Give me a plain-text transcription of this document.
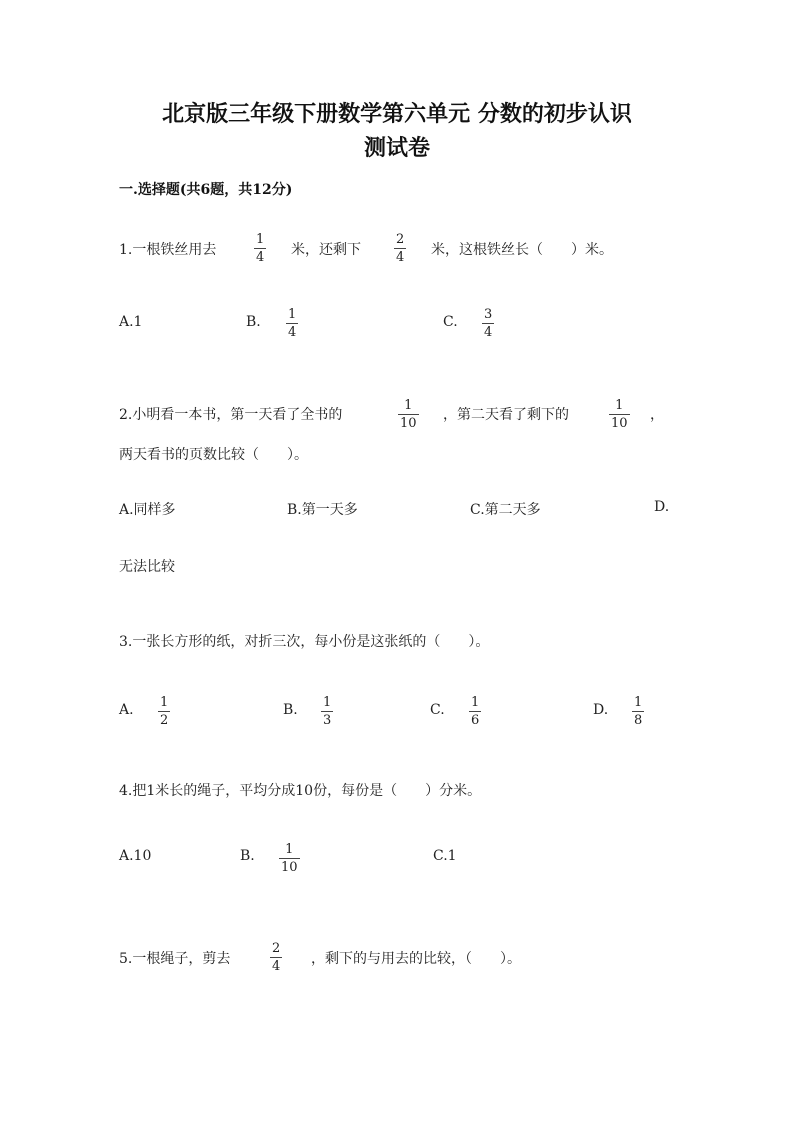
北京版三年级下册数学第六单元 分数的初步认识
测试卷
一.选择题(共6题，共12分)
1.一根铁丝用去
1
4 米，还剩下
2
4 米，这根铁丝长（　　）米。
A.1	B. 1
4
C. 3
4
2.小明看一本书，第一天看了全书的
1
10
，第二天看了剩下的
1
10
，
两天看书的页数比较（　　）。
A.同样多	B.第一天多	C.第二天多	D.
无法比较
3.一张长方形的纸，对折三次，每小份是这张纸的（　　）。
A. 1
2
B. 1
3
C. 1
6
D. 1
8
4.把1米长的绳子，平均分成10份，每份是（　　）分米。
A.10	B. 1
10
C.1
5.一根绳子，剪去
2
4 ，剩下的与用去的比较，（　　）。
